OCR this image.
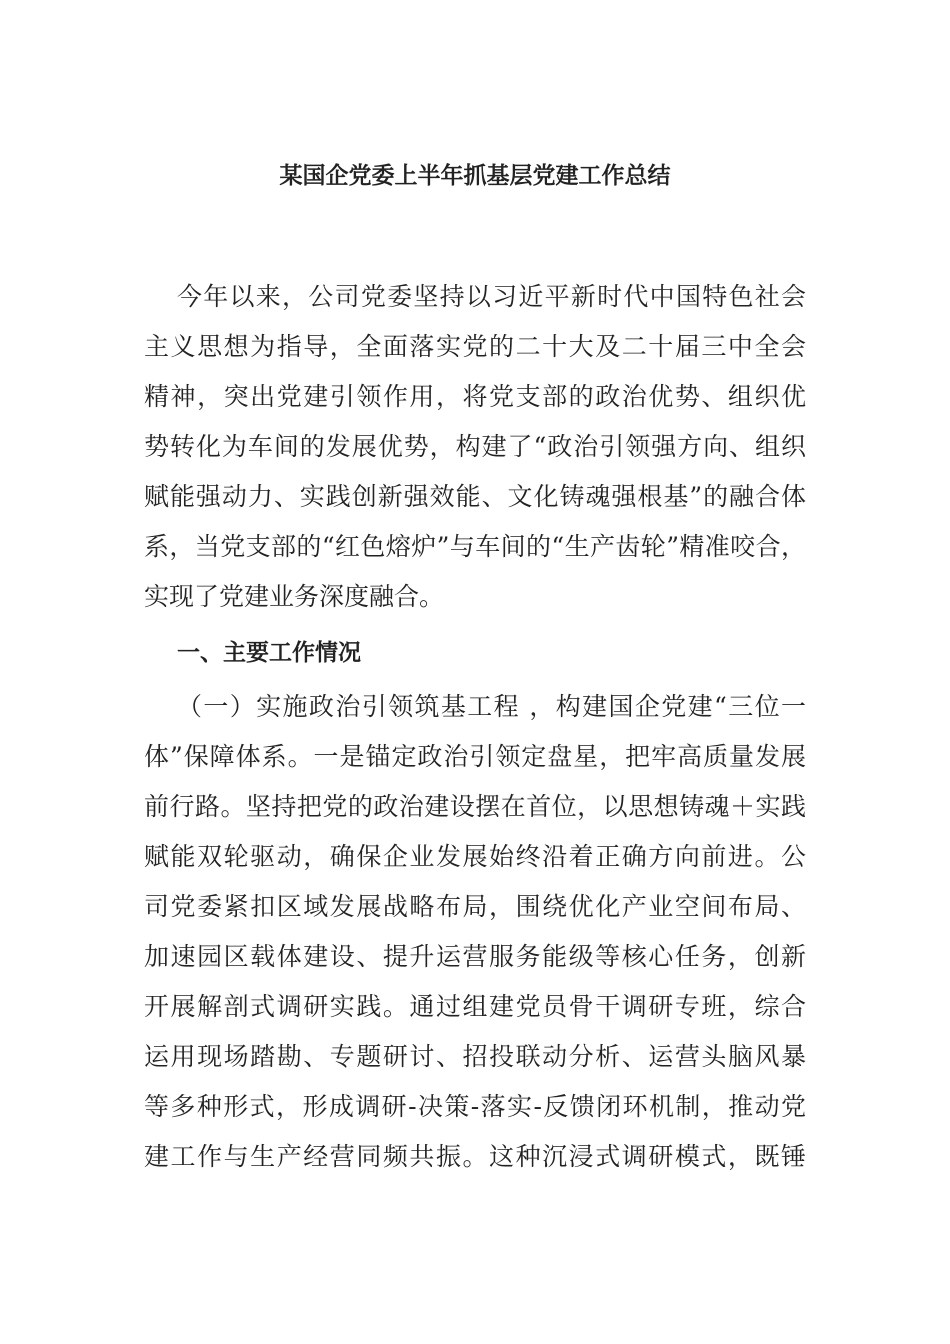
某国企党委上半年抓基层党建工作总结
今年以来，公司党委坚持以习近平新时代中国特色社会
主义思想为指导，全面落实党的二十大及二十届三中全会
精神，突出党建引领作用，将党支部的政治优势、组织优
势转化为车间的发展优势，构建了“政治引领强方向、组织
赋能强动力、实践创新强效能、文化铸魂强根基”的融合体
系，当党支部的“红色熔炉”与车间的“生产齿轮”精准咬合，
实现了党建业务深度融合。
一、主要工作情况
（一）实施政治引领筑基工程 ，构建国企党建“三位一
体”保障体系。一是锚定政治引领定盘星，把牢高质量发展
前行路。坚持把党的政治建设摆在首位，以思想铸魂＋实践
赋能双轮驱动，确保企业发展始终沿着正确方向前进。公
司党委紧扣区域发展战略布局，围绕优化产业空间布局、
加速园区载体建设、提升运营服务能级等核心任务，创新
开展解剖式调研实践。通过组建党员骨干调研专班，综合
运用现场踏勘、专题研讨、招投联动分析、运营头脑风暴
等多种形式，形成调研-决策-落实-反馈闭环机制，推动党
建工作与生产经营同频共振。这种沉浸式调研模式，既锤
